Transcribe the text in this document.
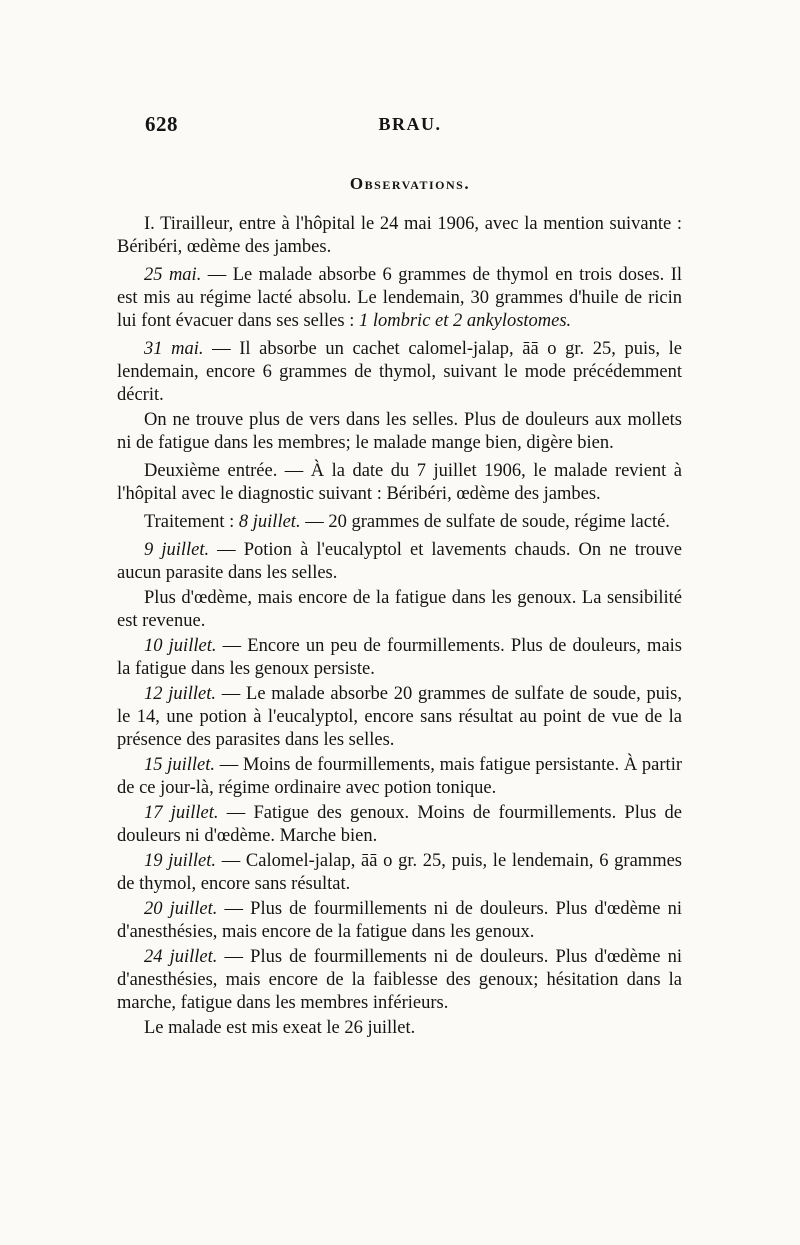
628	BRAU.
Observations.

I. Tirailleur, entre à l'hôpital le 24 mai 1906, avec la mention suivante : Béribéri, œdème des jambes.

25 mai. — Le malade absorbe 6 grammes de thymol en trois doses. Il est mis au régime lacté absolu. Le lendemain, 30 grammes d'huile de ricin lui font évacuer dans ses selles : 1 lombric et 2 ankylostomes.

31 mai. — Il absorbe un cachet calomel-jalap, āā o gr. 25, puis, le lendemain, encore 6 grammes de thymol, suivant le mode précédemment décrit.

On ne trouve plus de vers dans les selles. Plus de douleurs aux mollets ni de fatigue dans les membres; le malade mange bien, digère bien.

Deuxième entrée. — À la date du 7 juillet 1906, le malade revient à l'hôpital avec le diagnostic suivant : Béribéri, œdème des jambes.

Traitement : 8 juillet. — 20 grammes de sulfate de soude, régime lacté.

9 juillet. — Potion à l'eucalyptol et lavements chauds. On ne trouve aucun parasite dans les selles.

Plus d'œdème, mais encore de la fatigue dans les genoux. La sensibilité est revenue.

10 juillet. — Encore un peu de fourmillements. Plus de douleurs, mais la fatigue dans les genoux persiste.

12 juillet. — Le malade absorbe 20 grammes de sulfate de soude, puis, le 14, une potion à l'eucalyptol, encore sans résultat au point de vue de la présence des parasites dans les selles.

15 juillet. — Moins de fourmillements, mais fatigue persistante. À partir de ce jour-là, régime ordinaire avec potion tonique.

17 juillet. — Fatigue des genoux. Moins de fourmillements. Plus de douleurs ni d'œdème. Marche bien.

19 juillet. — Calomel-jalap, āā o gr. 25, puis, le lendemain, 6 grammes de thymol, encore sans résultat.

20 juillet. — Plus de fourmillements ni de douleurs. Plus d'œdème ni d'anesthésies, mais encore de la fatigue dans les genoux.

24 juillet. — Plus de fourmillements ni de douleurs. Plus d'œdème ni d'anesthésies, mais encore de la faiblesse des genoux; hésitation dans la marche, fatigue dans les membres inférieurs.

Le malade est mis exeat le 26 juillet.
